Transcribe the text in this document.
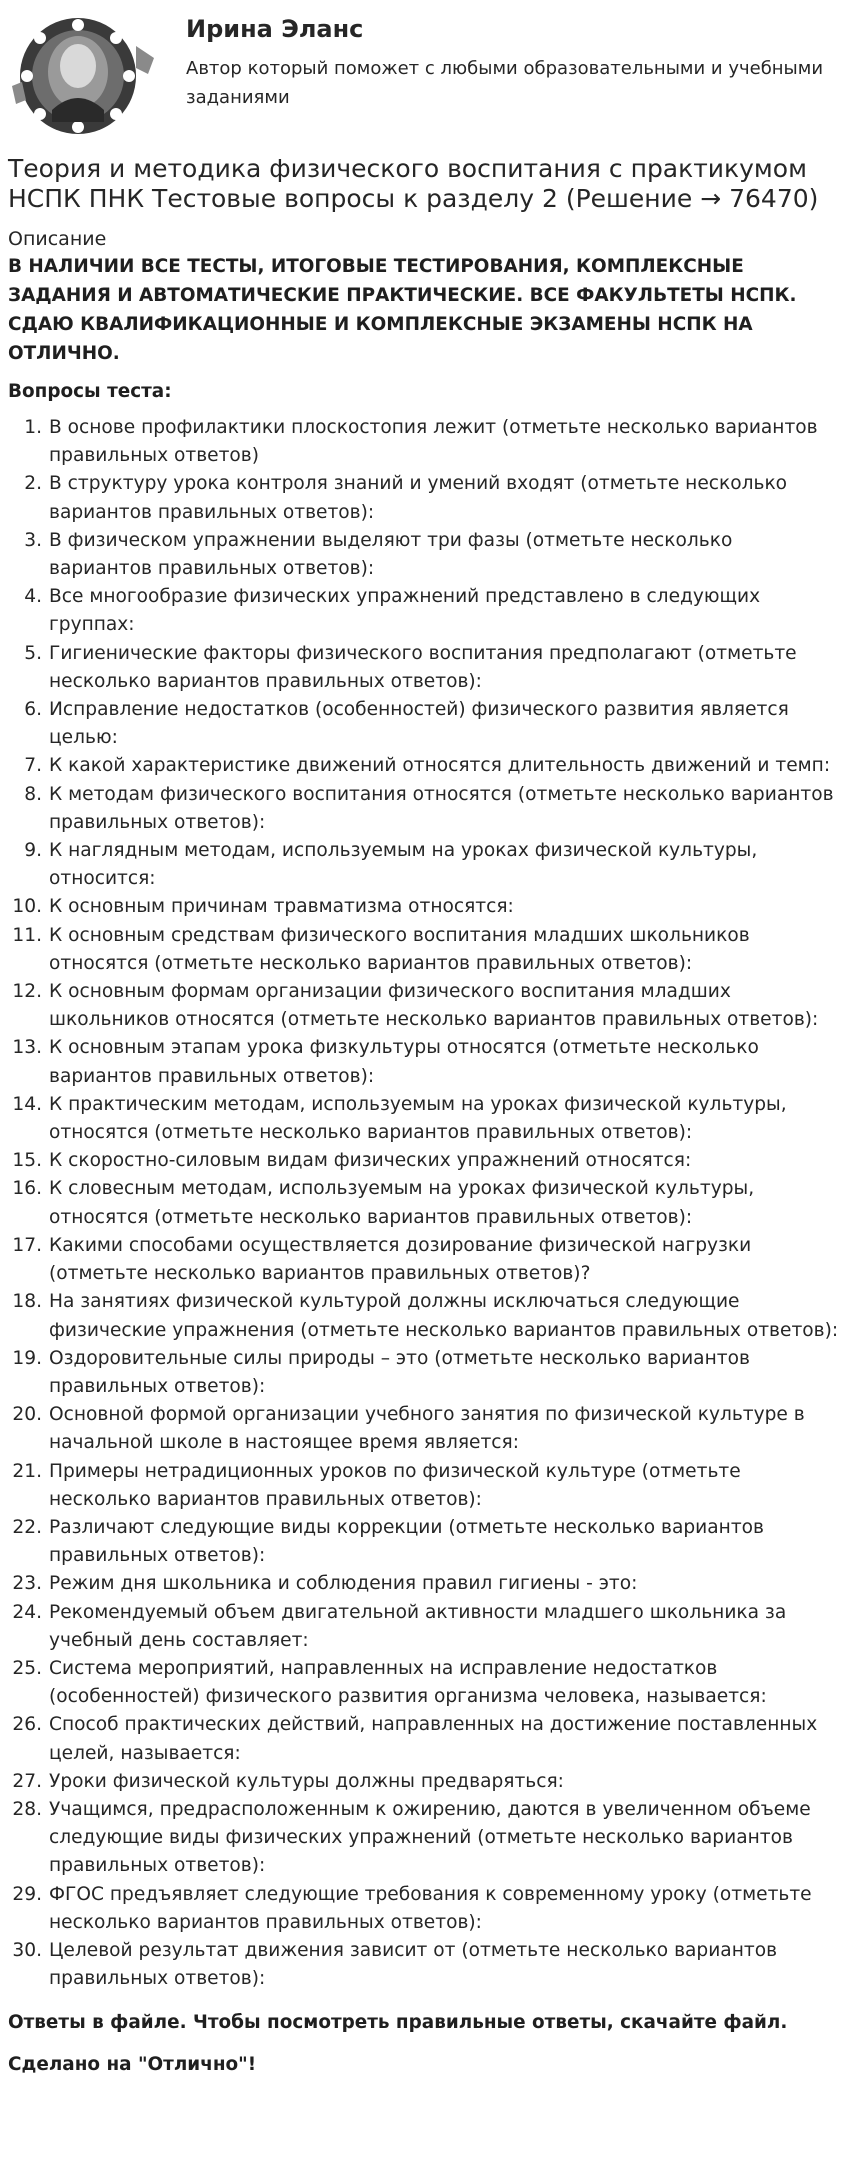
Ирина Эланс
Автор который поможет с любыми образовательными и учебными заданиями
Теория и методика физического воспитания с практикумом НСПК ПНК Тестовые вопросы к разделу 2 (Решение → 76470)
Описание
В НАЛИЧИИ ВСЕ ТЕСТЫ, ИТОГОВЫЕ ТЕСТИРОВАНИЯ, КОМПЛЕКСНЫЕ ЗАДАНИЯ И АВТОМАТИЧЕСКИЕ ПРАКТИЧЕСКИЕ. ВСЕ ФАКУЛЬТЕТЫ НСПК. СДАЮ КВАЛИФИКАЦИОННЫЕ И КОМПЛЕКСНЫЕ ЭКЗАМЕНЫ НСПК НА ОТЛИЧНО.
Вопросы теста:
1. В основе профилактики плоскостопия лежит (отметьте несколько вариантов правильных ответов)
2. В структуру урока контроля знаний и умений входят (отметьте несколько вариантов правильных ответов):
3. В физическом упражнении выделяют три фазы (отметьте несколько вариантов правильных ответов):
4. Все многообразие физических упражнений представлено в следующих группах:
5. Гигиенические факторы физического воспитания предполагают (отметьте несколько вариантов правильных ответов):
6. Исправление недостатков (особенностей) физического развития является целью:
7. К какой характеристике движений относятся длительность движений и темп:
8. К методам физического воспитания относятся (отметьте несколько вариантов правильных ответов):
9. К наглядным методам, используемым на уроках физической культуры, относится:
10. К основным причинам травматизма относятся:
11. К основным средствам физического воспитания младших школьников относятся (отметьте несколько вариантов правильных ответов):
12. К основным формам организации физического воспитания младших школьников относятся (отметьте несколько вариантов правильных ответов):
13. К основным этапам урока физкультуры относятся (отметьте несколько вариантов правильных ответов):
14. К практическим методам, используемым на уроках физической культуры, относятся (отметьте несколько вариантов правильных ответов):
15. К скоростно-силовым видам физических упражнений относятся:
16. К словесным методам, используемым на уроках физической культуры, относятся (отметьте несколько вариантов правильных ответов):
17. Какими способами осуществляется дозирование физической нагрузки (отметьте несколько вариантов правильных ответов)?
18. На занятиях физической культурой должны исключаться следующие физические упражнения (отметьте несколько вариантов правильных ответов):
19. Оздоровительные силы природы – это (отметьте несколько вариантов правильных ответов):
20. Основной формой организации учебного занятия по физической культуре в начальной школе в настоящее время является:
21. Примеры нетрадиционных уроков по физической культуре (отметьте несколько вариантов правильных ответов):
22. Различают следующие виды коррекции (отметьте несколько вариантов правильных ответов):
23. Режим дня школьника и соблюдения правил гигиены - это:
24. Рекомендуемый объем двигательной активности младшего школьника за учебный день составляет:
25. Система мероприятий, направленных на исправление недостатков (особенностей) физического развития организма человека, называется:
26. Способ практических действий, направленных на достижение поставленных целей, называется:
27. Уроки физической культуры должны предваряться:
28. Учащимся, предрасположенным к ожирению, даются в увеличенном объеме следующие виды физических упражнений (отметьте несколько вариантов правильных ответов):
29. ФГОС предъявляет следующие требования к современному уроку (отметьте несколько вариантов правильных ответов):
30. Целевой результат движения зависит от (отметьте несколько вариантов правильных ответов):
Ответы в файле. Чтобы посмотреть правильные ответы, скачайте файл.
Сделано на "Отлично"!
